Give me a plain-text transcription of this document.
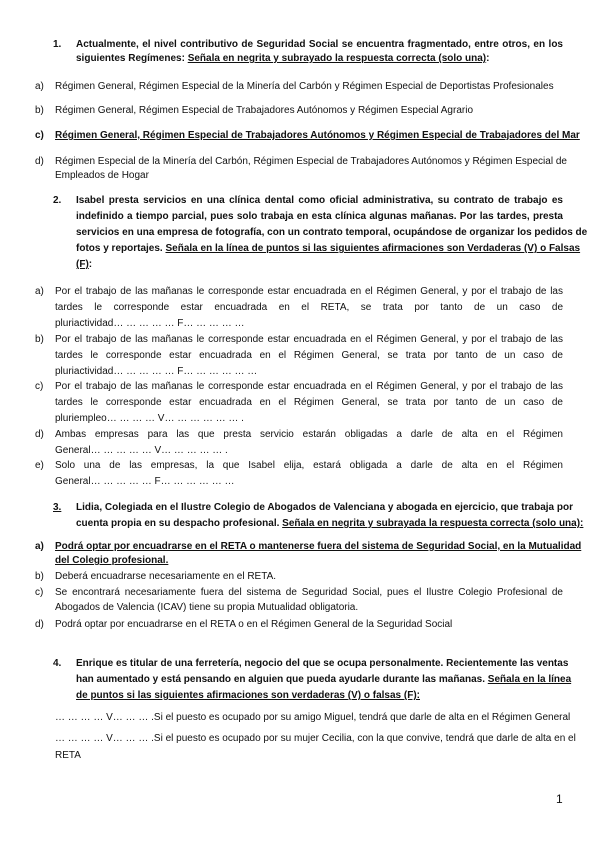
1. Actualmente, el nivel contributivo de Seguridad Social se encuentra fragmentado, entre otros, en los
siguientes Regímenes: Señala en negrita y subrayado la respuesta correcta (solo una):
a) Régimen General, Régimen Especial de la Minería del Carbón y Régimen Especial de Deportistas Profesionales
b) Régimen General, Régimen Especial de Trabajadores Autónomos y Régimen Especial Agrario
c) Régimen General, Régimen Especial de Trabajadores Autónomos y Régimen Especial de Trabajadores del Mar
d) Régimen Especial de la Minería del Carbón, Régimen Especial de Trabajadores Autónomos y Régimen Especial de
Empleados de Hogar
2. Isabel presta servicios en una clínica dental como oficial administrativa, su contrato de trabajo es
indefinido a tiempo parcial, pues solo trabaja en esta clínica algunas mañanas. Por las tardes, presta
servicios en una empresa de fotografía, con un contrato temporal, ocupándose de organizar los pedidos de
fotos y reportajes. Señala en la línea de puntos si las siguientes afirmaciones son Verdaderas (V) o Falsas
(F):
a) Por el trabajo de las mañanas le corresponde estar encuadrada en el Régimen General, y por el trabajo de las
tardes le corresponde estar encuadrada en el RETA, se trata por tanto de un caso de
pluriactividad… … … … … F… … … … …
b) Por el trabajo de las mañanas le corresponde estar encuadrada en el Régimen General, y por el trabajo de las
tardes le corresponde estar encuadrada en el Régimen General, se trata por tanto de un caso de
pluriactividad… … … … … F… … … … … …
c) Por el trabajo de las mañanas le corresponde estar encuadrada en el Régimen General, y por el trabajo de las
tardes le corresponde estar encuadrada en el Régimen General, se trata por tanto de un caso de
pluriempleo… … … … V… … … … … … .
d) Ambas empresas para las que presta servicio estarán obligadas a darle de alta en el Régimen
General… … … … … V… … … … … .
e) Solo una de las empresas, la que Isabel elija, estará obligada a darle de alta en el Régimen
General… … … … … F… … … … … …
3. Lidia, Colegiada en el Ilustre Colegio de Abogados de Valenciana y abogada en ejercicio, que trabaja por
cuenta propia en su despacho profesional. Señala en negrita y subrayada la respuesta correcta (solo una):
a) Podrá optar por encuadrarse en el RETA o mantenerse fuera del sistema de Seguridad Social, en la Mutualidad
del Colegio profesional.
b) Deberá encuadrarse necesariamente en el RETA.
c) Se encontrará necesariamente fuera del sistema de Seguridad Social, pues el Ilustre Colegio Profesional de
Abogados de Valencia (ICAV) tiene su propia Mutualidad obligatoria.
d) Podrá optar por encuadrarse en el RETA o en el Régimen General de la Seguridad Social
4. Enrique es titular de una ferretería, negocio del que se ocupa personalmente. Recientemente las ventas
han aumentado y está pensando en alguien que pueda ayudarle durante las mañanas. Señala en la línea
de puntos si las siguientes afirmaciones son verdaderas (V) o falsas (F):
… … … … V… … … .Si el puesto es ocupado por su amigo Miguel, tendrá que darle de alta en el Régimen General
… … … … V… … … .Si el puesto es ocupado por su mujer Cecilia, con la que convive, tendrá que darle de alta en el
RETA
1
